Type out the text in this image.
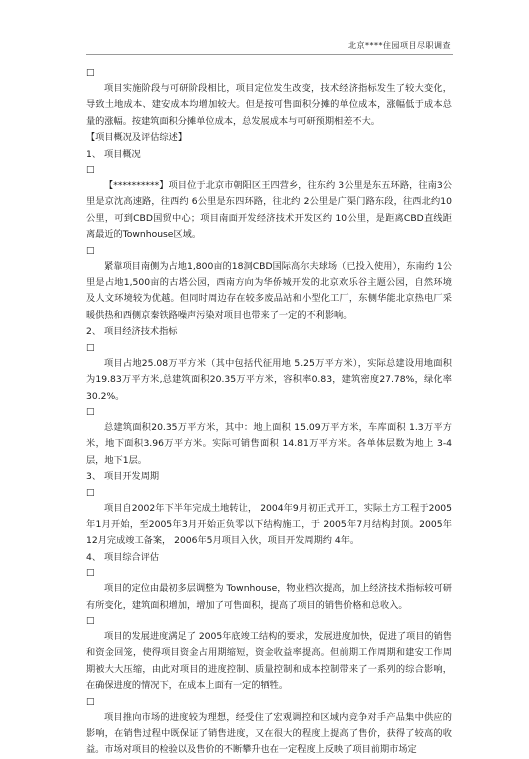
北京****住园项目尽职调查

□

项目实施阶段与可研阶段相比，项目定位发生改变，技术经济指标发生了较大变化，导致土地成本、建安成本均增加较大。但是按可售面积分摊的单位成本，涨幅低于成本总量的涨幅。按建筑面积分摊单位成本，总发展成本与可研预期相差不大。

【项目概况及评估综述】

1、 项目概况

□

【**********】项目位于北京市朝阳区王四营乡，往东约 3公里是东五环路，往南3公里是京沈高速路，往西约 6公里是东四环路，往北约 2公里是广渠门路东段，往西北约10公里，可到CBD国贸中心；项目南面开发经济技术开发区约 10公里，是距离CBD直线距离最近的Townhouse区域。

□

紧靠项目南侧为占地1,800亩的18洞CBD国际高尔夫球场（已投入使用），东南约 1公里是占地1,500亩的古塔公园，西南方向为华侨城开发的北京欢乐谷主题公园，自然环境及人文环境较为优越。但同时周边存在较多废品站和小型化工厂，东侧华能北京热电厂采暖供热和西侧京秦铁路噪声污染对项目也带来了一定的不利影响。

2、 项目经济技术指标

□

项目占地25.08万平方米（其中包括代征用地 5.25万平方米），实际总建设用地面积为19.83万平方米,总建筑面积20.35万平方米，容积率0.83，建筑密度27.78%，绿化率30.2%。

□

总建筑面积20.35万平方米，其中：地上面积 15.09万平方米，车库面积 1.3万平方米，地下面积3.96万平方米。实际可销售面积 14.81万平方米。各单体层数为地上 3-4层，地下1层。

3、 项目开发周期

□

项目自2002年下半年完成土地转让， 2004年9月初正式开工，实际土方工程于2005年1月开始，至2005年3月开始正负零以下结构施工，于 2005年7月结构封顶。2005年12月完成竣工备案， 2006年5月项目入伙，项目开发周期约 4年。

4、 项目综合评估

□

项目的定位由最初多层调整为 Townhouse，物业档次提高，加上经济技术指标较可研有所变化，建筑面积增加，增加了可售面积，提高了项目的销售价格和总收入。

□

项目的发展进度满足了 2005年底竣工结构的要求，发展进度加快，促进了项目的销售和资金回笼，使得项目资金占用期缩短，资金收益率提高。但前期工作周期和建安工作周期被大大压缩，由此对项目的进度控制、质量控制和成本控制带来了一系列的综合影响，在确保进度的情况下，在成本上面有一定的牺牲。

□

项目推向市场的进度较为理想，经受住了宏观调控和区域内竞争对手产品集中供应的影响，在销售过程中既保证了销售进度，又在很大的程度上提高了售价，获得了较高的收益。市场对项目的检验以及售价的不断攀升也在一定程度上反映了项目前期市场定
